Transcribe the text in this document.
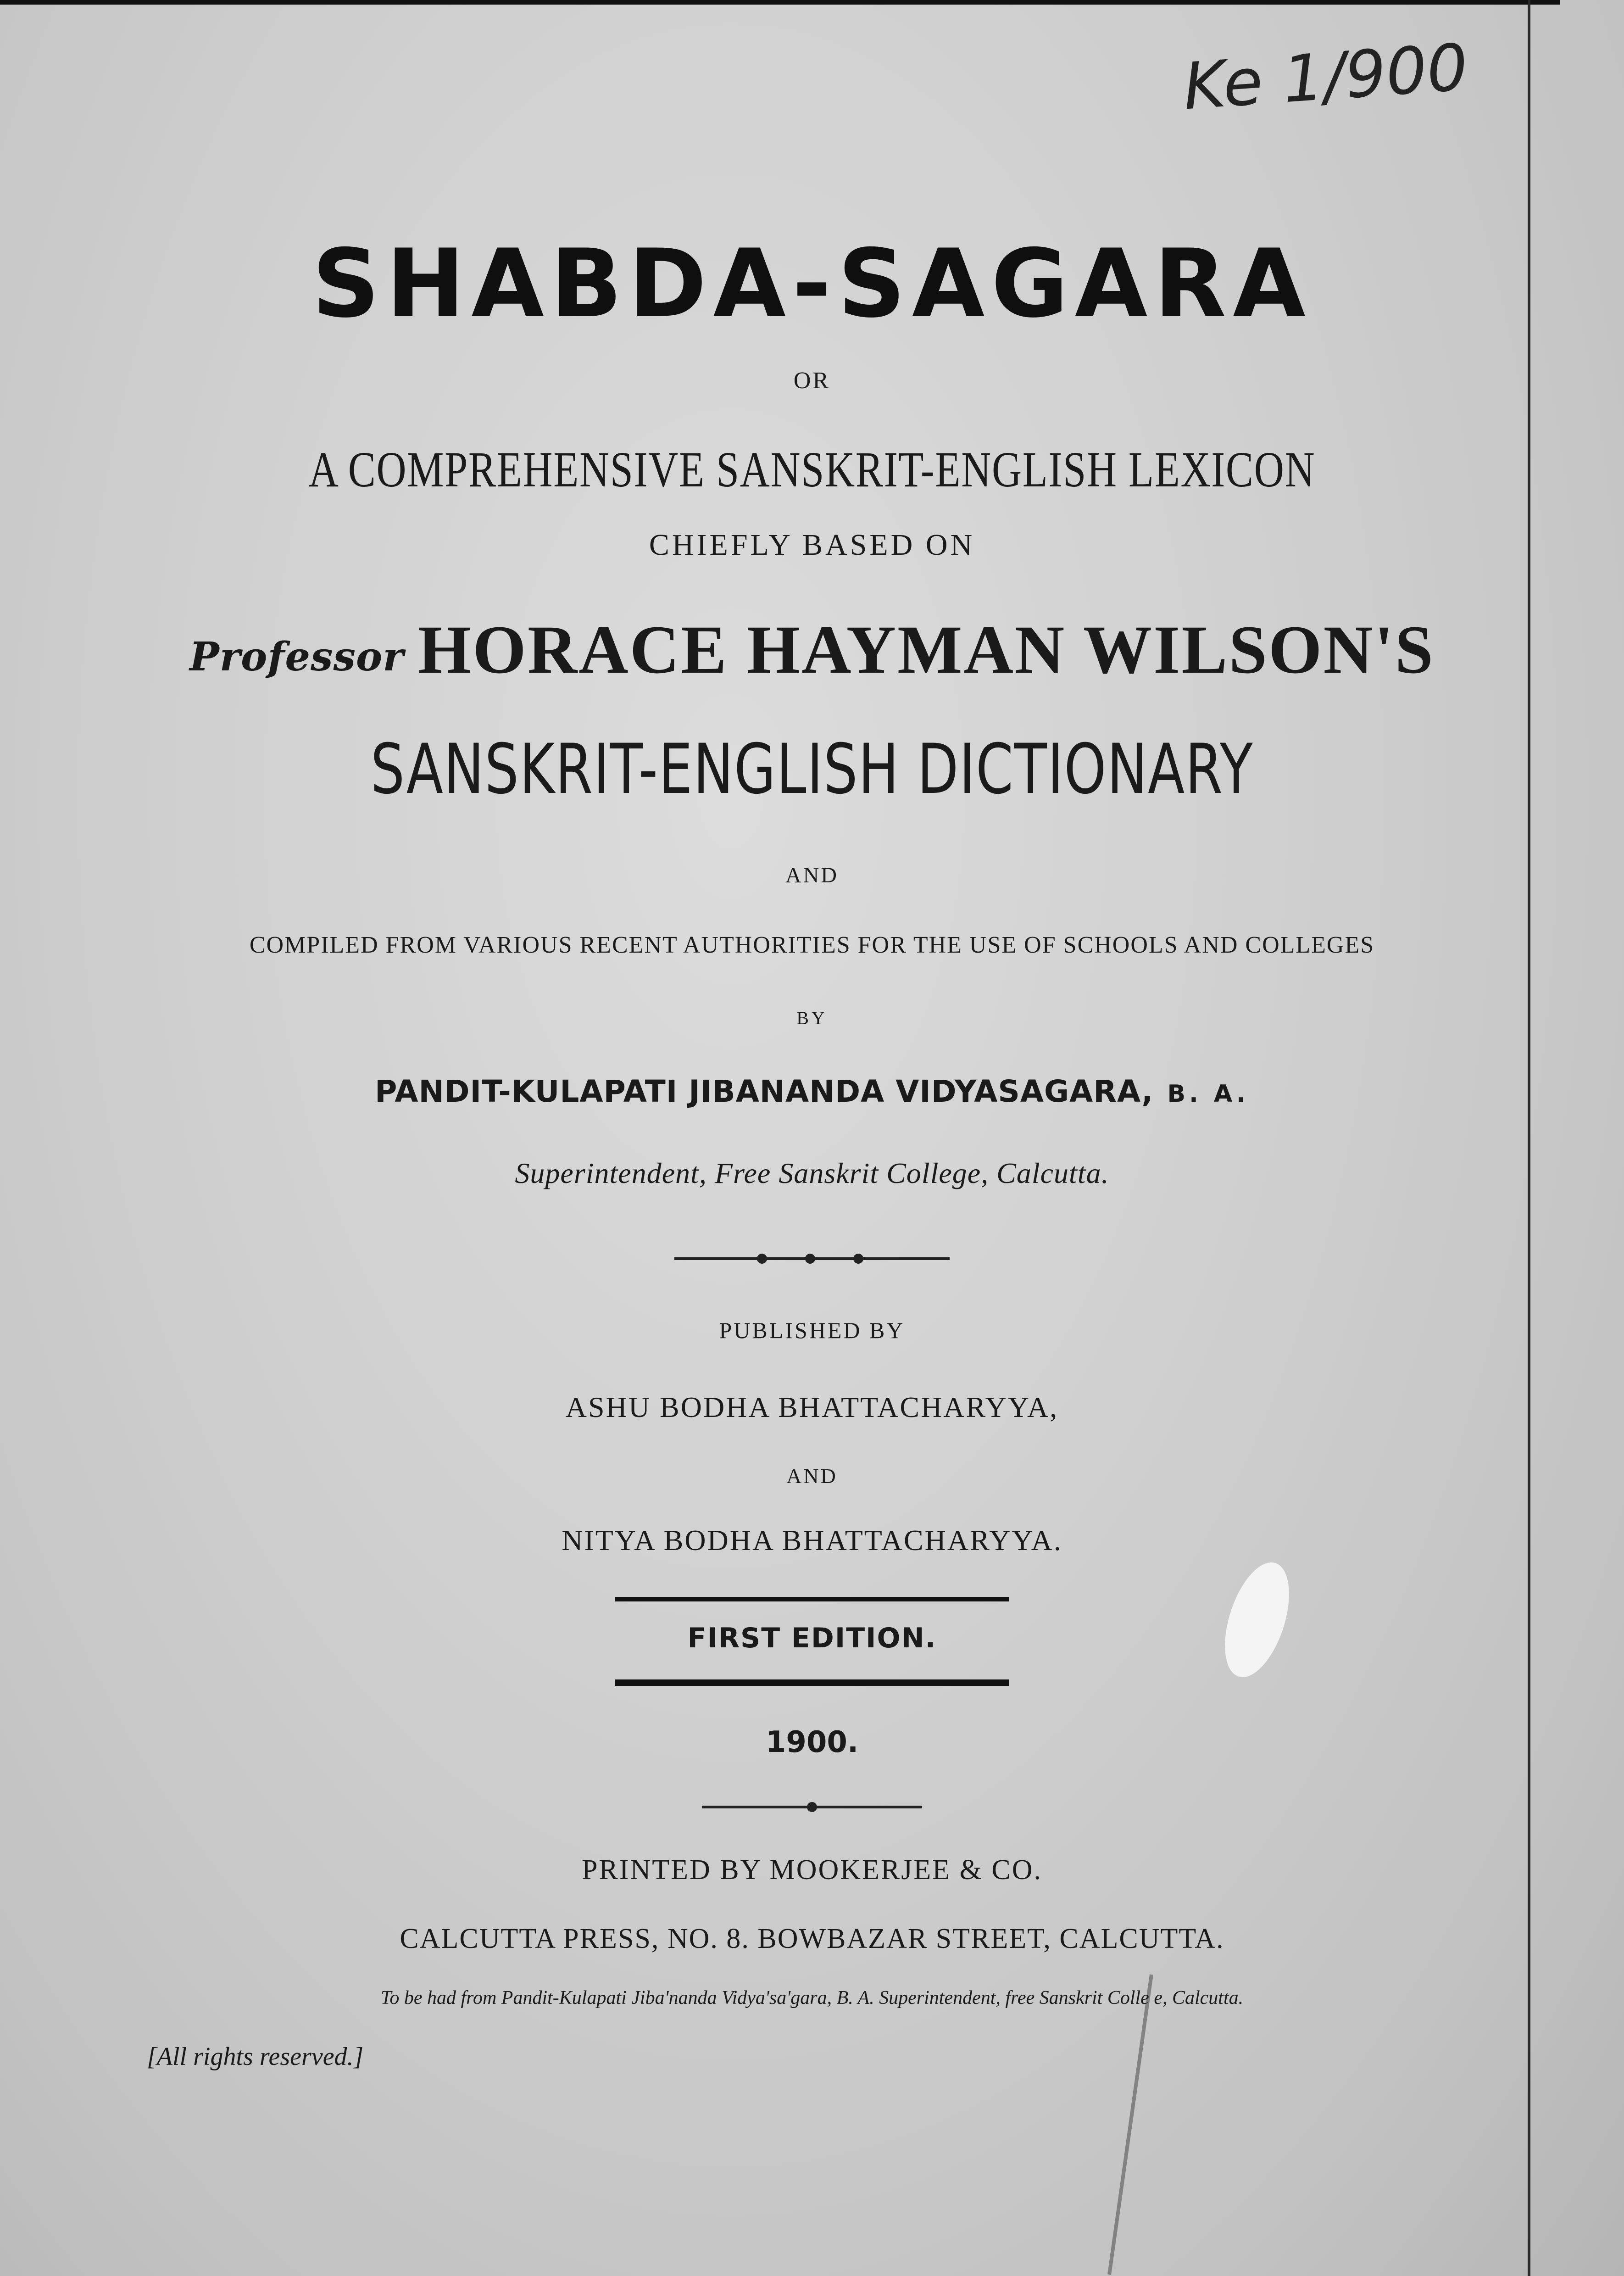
Ke 1/900
SHABDA-SAGARA
OR
A COMPREHENSIVE SANSKRIT-ENGLISH LEXICON
CHIEFLY BASED ON
Professor HORACE HAYMAN WILSON'S
SANSKRIT-ENGLISH DICTIONARY
AND
COMPILED FROM VARIOUS RECENT AUTHORITIES FOR THE USE OF SCHOOLS AND COLLEGES
BY
PANDIT-KULAPATI JIBANANDA VIDYASAGARA, B. A.
Superintendent, Free Sanskrit College, Calcutta.
PUBLISHED BY
ASHU BODHA BHATTACHARYYA,
AND
NITYA BODHA BHATTACHARYYA.
FIRST EDITION.
1900.
PRINTED BY MOOKERJEE & CO.
CALCUTTA PRESS, NO. 8. BOWBAZAR STREET, CALCUTTA.
To be had from Pandit-Kulapati Jiba'nanda Vidya'sa'gara, B. A. Superintendent, free Sanskrit Colle e, Calcutta.
[All rights reserved.]
